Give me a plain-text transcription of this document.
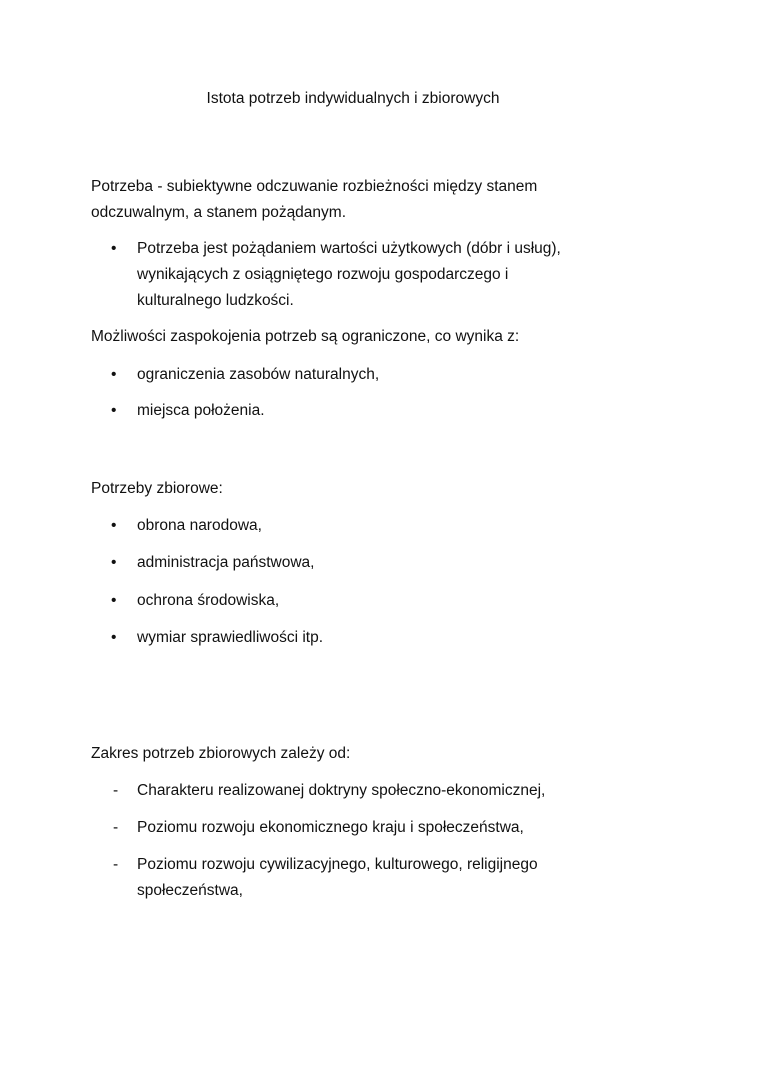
Istota potrzeb indywidualnych i zbiorowych
Potrzeba - subiektywne odczuwanie rozbieżności między stanem
odczuwalnym, a stanem pożądanym.
•	Potrzeba jest pożądaniem wartości użytkowych (dóbr i usług),
wynikających z osiągniętego rozwoju gospodarczego i
kulturalnego ludzkości.
Możliwości zaspokojenia potrzeb są ograniczone, co wynika z:
•	ograniczenia zasobów naturalnych,
•	miejsca położenia.
Potrzeby zbiorowe:
•	obrona narodowa,
•	administracja państwowa,
•	ochrona środowiska,
•	wymiar sprawiedliwości itp.
Zakres potrzeb zbiorowych zależy od:
-	Charakteru realizowanej doktryny społeczno-ekonomicznej,
-	Poziomu rozwoju ekonomicznego kraju i społeczeństwa,
-	Poziomu rozwoju cywilizacyjnego, kulturowego, religijnego
społeczeństwa,
